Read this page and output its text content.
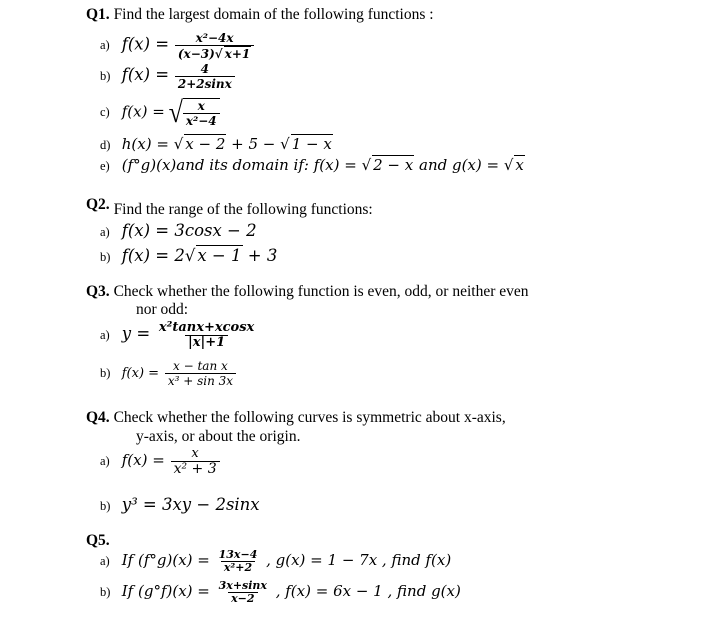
Q1. Find the largest domain of the following functions :
a) $f(x) = \frac{\text{x²−4x}}{(x-3)√ x+1}$
b) $f(x) = \frac{4}{2+2\sin x}$
c) f(x) = √ $\frac{x}{\text{x²−4}}$
d) h(x) = √ x − 2 + 5 − √ 1 − x
e) (f°g)(x)and its domain if: f(x) = √ 2 − x and g(x) = √ x
Q2. Find the range of the following functions:
a) f(x) = 3cosx − 2
b) f(x) = 2√ x − 1 + 3
Q3. Check whether the following function is even, odd, or neither even
nor odd:
a) $y = \frac{\text{x²tanx+xcosx}}{|x|+1}$
b) $f(x) = \frac{\text{x − tan x}}{\text{x³ + sin 3x}}$
Q4. Check whether the following curves is symmetric about x-axis,
y-axis, or about the origin.
a) $f(x) = \frac{x}{\text{x² + 3}}$
b) y³ = 3xy − 2sinx
Q5.
a) If $(f^\circ g)(x) = \frac{13x-4}{\text{x²+2}}$ , g(x) = 1 − 7x , find f(x)
b) If $(g^\circ f)(x) = \frac{3x+\sin x}{x-2}$ , f(x) = 6x − 1 , find g(x)
